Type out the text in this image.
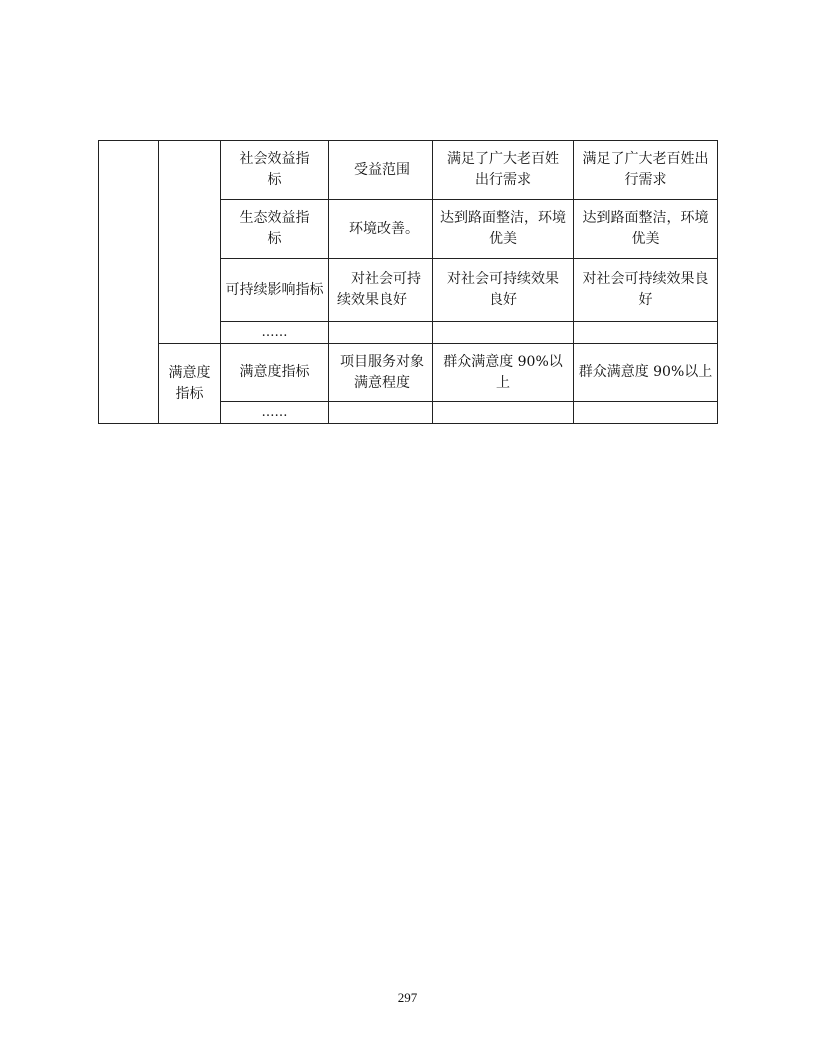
		社会效益指标	受益范围	满足了广大老百姓出行需求	满足了广大老百姓出行需求
		生态效益指标	环境改善。	达到路面整洁，环境优美	达到路面整洁，环境优美
		可持续影响指标	对社会可持续效果良好	对社会可持续效果良好	对社会可持续效果良好
		……			
	满意度指标	满意度指标	项目服务对象满意程度	群众满意度 90%以上	群众满意度 90%以上
		……			
297
